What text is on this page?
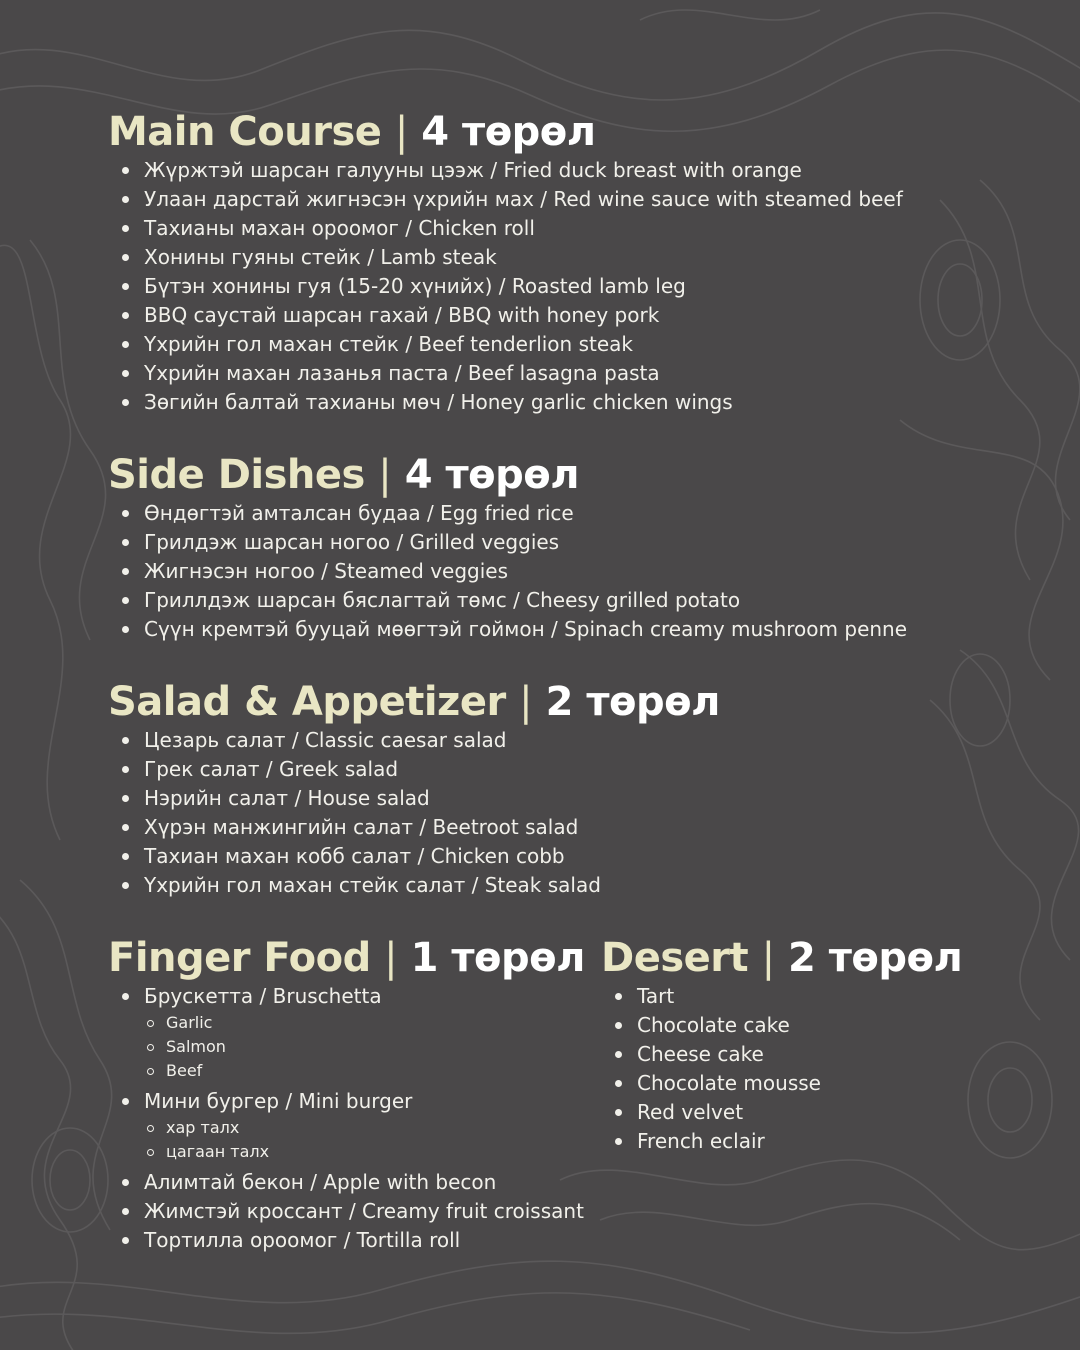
Main Course | 4 төрөл
Жүржтэй шарсан галууны цээж / Fried duck breast with orange
Улаан дарстай жигнэсэн үхрийн мах / Red wine sauce with steamed beef
Тахианы махан ороомог / Chicken roll
Хонины гуяны стейк / Lamb steak
Бүтэн хонины гуя (15-20 хүнийх) / Roasted lamb leg
BBQ саустай шарсан гахай / BBQ with honey pork
Үхрийн гол махан стейк / Beef tenderlion steak
Үхрийн махан лазанья паста / Beef lasagna pasta
Зөгийн балтай тахианы мөч / Honey garlic chicken wings
Side Dishes | 4 төрөл
Өндөгтэй амталсан будаа / Egg fried rice
Грилдэж шарсан ногоо / Grilled veggies
Жигнэсэн ногоо / Steamed veggies
Гриллдэж шарсан бяслагтай төмс / Cheesy grilled potato
Сүүн кремтэй бууцай мөөгтэй гоймон / Spinach creamy mushroom penne
Salad & Appetizer | 2 төрөл
Цезарь салат / Classic caesar salad
Грек салат / Greek salad
Нэрийн салат / House salad
Хүрэн манжингийн салат / Beetroot salad
Тахиан махан кобб салат / Chicken cobb
Үхрийн гол махан стейк салат / Steak salad
Finger Food | 1 төрөл
Брускетта / Bruschetta
Garlic
Salmon
Beef
Мини бургер / Mini burger
хар талх
цагаан талх
Алимтай бекон / Apple with becon
Жимстэй кроссант / Creamy fruit croissant
Тортилла ороомог / Tortilla roll
Desert | 2 төрөл
Tart
Chocolate cake
Cheese cake
Chocolate mousse
Red velvet
French eclair
